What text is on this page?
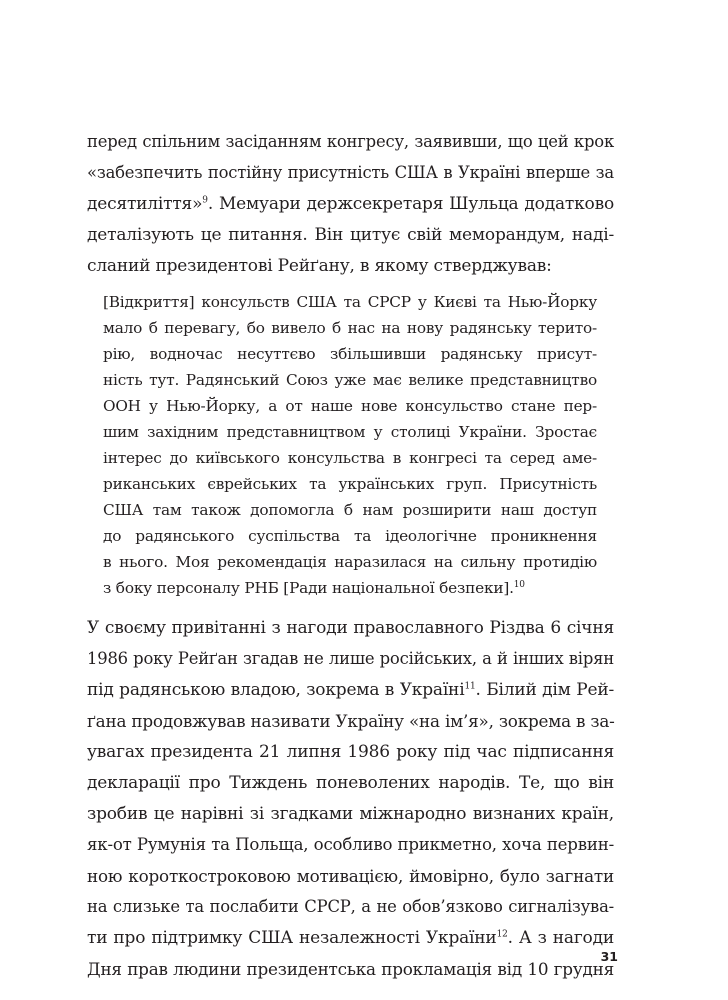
перед спільним засіданням конгресу, заявивши, що цей крок

«забезпечить постійну присутність США в Україні вперше за

десятиліття»$^9$. Мемуари держсекретаря Шульца додатково

деталізують це питання. Він цитує свій меморандум, надi-

сланий президентові Рейґану, в якому стверджував:

[Відкриття] консульств США та СРСР у Києві та Нью-Йорку

мало б перевагу, бо вивело б нас на нову радянську терито-

рію, водночас несуттєво збільшивши радянську присут-

ність тут. Радянський Союз уже має велике представництво

ООН у Нью-Йорку, а от наше нове консульство стане пер-

шим західним представництвом у столиці України. Зростає

інтерес до київського консульства в конгресі та серед аме-

риканських єврейських та українських груп. Присутність

США там також допомогла б нам розширити наш доступ

до радянського суспільства та ідеологічне проникнення

в нього. Моя рекомендація наразилася на сильну протидію

з боку персоналу РНБ [Ради національної безпеки].$^{10}$

У своєму привітанні з нагоди православного Різдва 6 січня

1986 року Рейґан згадав не лише російських, а й інших вірян

під радянською владою, зокрема в Україні$^{11}$. Білий дім Рей-

ґана продовжував називати Україну «на ім’я», зокрема в за-

увагах президента 21 липня 1986 року під час підписання

декларації про Тиждень поневолених народів. Те, що він

зробив це нарівні зі згадками міжнародно визнаних країн,

як-от Румунія та Польща, особливо прикметно, хоча первин-

ною короткостроковою мотивацією, ймовірно, було загнати

на слизьке та послабити СРСР, а не обов’язково сигналізува-

ти про підтримку США незалежності України$^{12}$. А з нагоди

Дня прав людини президентська прокламація від 10 грудня

31
